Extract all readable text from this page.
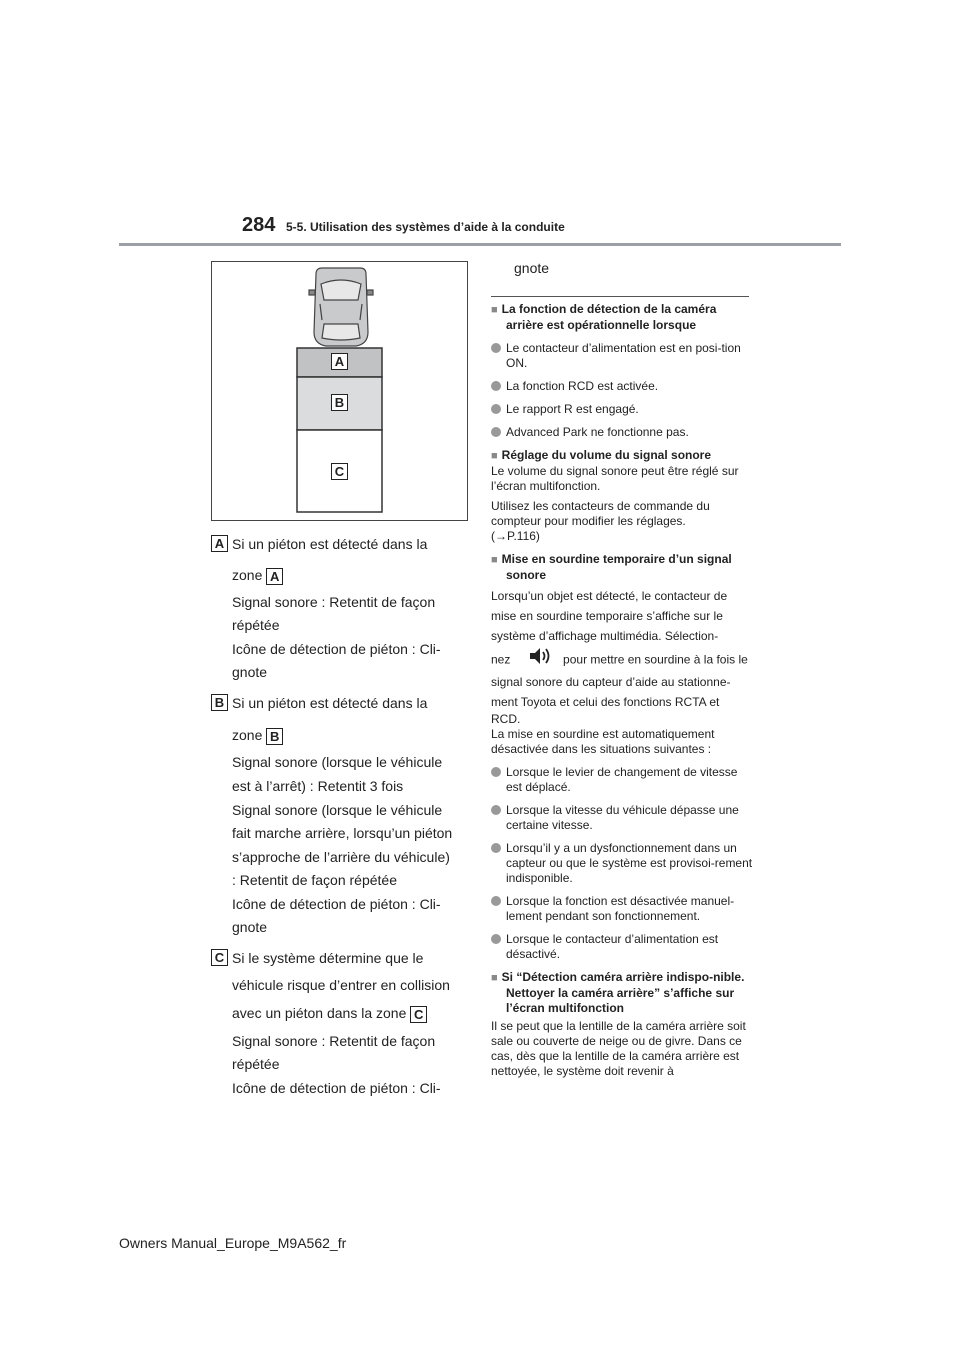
284 5-5. Utilisation des systèmes d’aide à la conduite
A
B
C
A Si un piéton est détecté dans la
zone A
Signal sonore : Retentit de façon
répétée
Icône de détection de piéton : Cli-
gnote
B Si un piéton est détecté dans la
zone B
Signal sonore (lorsque le véhicule
est à l’arrêt) : Retentit 3 fois
Signal sonore (lorsque le véhicule
fait marche arrière, lorsqu’un piéton
s’approche de l’arrière du véhicule)
: Retentit de façon répétée
Icône de détection de piéton : Cli-
gnote
C Si le système détermine que le
véhicule risque d’entrer en collision
avec un piéton dans la zone C
Signal sonore : Retentit de façon
répétée
Icône de détection de piéton : Cli-
gnote
■ La fonction de détection de la caméra arrière est opérationnelle lorsque
Le contacteur d’alimentation est en posi-tion ON.
La fonction RCD est activée.
Le rapport R est engagé.
Advanced Park ne fonctionne pas.
■ Réglage du volume du signal sonore
Le volume du signal sonore peut être réglé sur l’écran multifonction.
Utilisez les contacteurs de commande du compteur pour modifier les réglages.
(→P.116)
■ Mise en sourdine temporaire d’un signal sonore
Lorsqu’un objet est détecté, le contacteur de
mise en sourdine temporaire s’affiche sur le
système d’affichage multimédia. Sélection-
nez	pour mettre en sourdine à la fois le
signal sonore du capteur d’aide au stationne-
ment Toyota et celui des fonctions RCTA et
RCD.
La mise en sourdine est automatiquement désactivée dans les situations suivantes :
Lorsque le levier de changement de vitesse est déplacé.
Lorsque la vitesse du véhicule dépasse une certaine vitesse.
Lorsqu’il y a un dysfonctionnement dans un capteur ou que le système est provisoi-rement indisponible.
Lorsque la fonction est désactivée manuel-lement pendant son fonctionnement.
Lorsque le contacteur d’alimentation est désactivé.
■ Si “Détection caméra arrière indispo-nible. Nettoyer la caméra arrière” s’affiche sur l’écran multifonction
Il se peut que la lentille de la caméra arrière soit sale ou couverte de neige ou de givre. Dans ce cas, dès que la lentille de la caméra arrière est nettoyée, le système doit revenir à
Owners Manual_Europe_M9A562_fr
